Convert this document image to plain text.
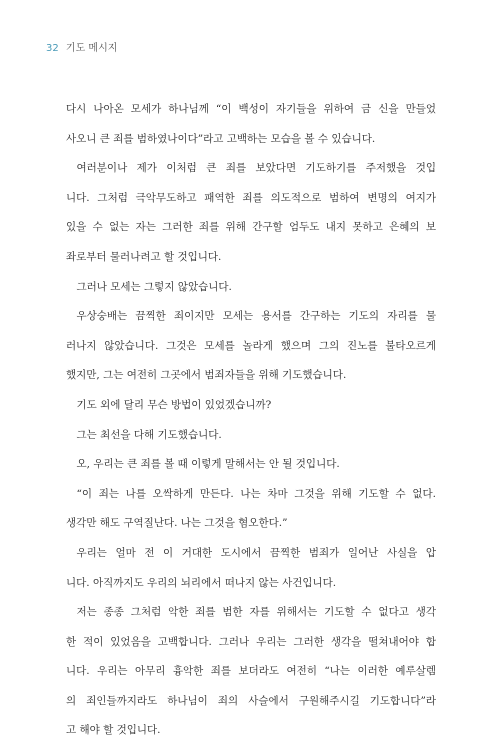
32 기도 메시지
다시 나아온 모세가 하나님께 “이 백성이 자기들을 위하여 금 신을 만들었
사오니 큰 죄를 범하였나이다”라고 고백하는 모습을 볼 수 있습니다.
여러분이나 제가 이처럼 큰 죄를 보았다면 기도하기를 주저했을 것입
니다. 그처럼 극악무도하고 패역한 죄를 의도적으로 범하여 변명의 여지가
있을 수 없는 자는 그러한 죄를 위해 간구할 엄두도 내지 못하고 은혜의 보
좌로부터 물러나려고 할 것입니다.
그러나 모세는 그렇지 않았습니다.
우상숭배는 끔찍한 죄이지만 모세는 용서를 간구하는 기도의 자리를 물
러나지 않았습니다. 그것은 모세를 놀라게 했으며 그의 진노를 불타오르게
했지만, 그는 여전히 그곳에서 범죄자들을 위해 기도했습니다.
기도 외에 달리 무슨 방법이 있었겠습니까?
그는 최선을 다해 기도했습니다.
오, 우리는 큰 죄를 볼 때 이렇게 말해서는 안 될 것입니다.
“이 죄는 나를 오싹하게 만든다. 나는 차마 그것을 위해 기도할 수 없다.
생각만 해도 구역질난다. 나는 그것을 혐오한다.”
우리는 얼마 전 이 거대한 도시에서 끔찍한 범죄가 일어난 사실을 압
니다. 아직까지도 우리의 뇌리에서 떠나지 않는 사건입니다.
저는 종종 그처럼 악한 죄를 범한 자를 위해서는 기도할 수 없다고 생각
한 적이 있었음을 고백합니다. 그러나 우리는 그러한 생각을 떨쳐내어야 합
니다. 우리는 아무리 흉악한 죄를 보더라도 여전히 “나는 이러한 예루살렘
의 죄인들까지라도 하나님이 죄의 사슬에서 구원해주시길 기도합니다”라
고 해야 할 것입니다.
